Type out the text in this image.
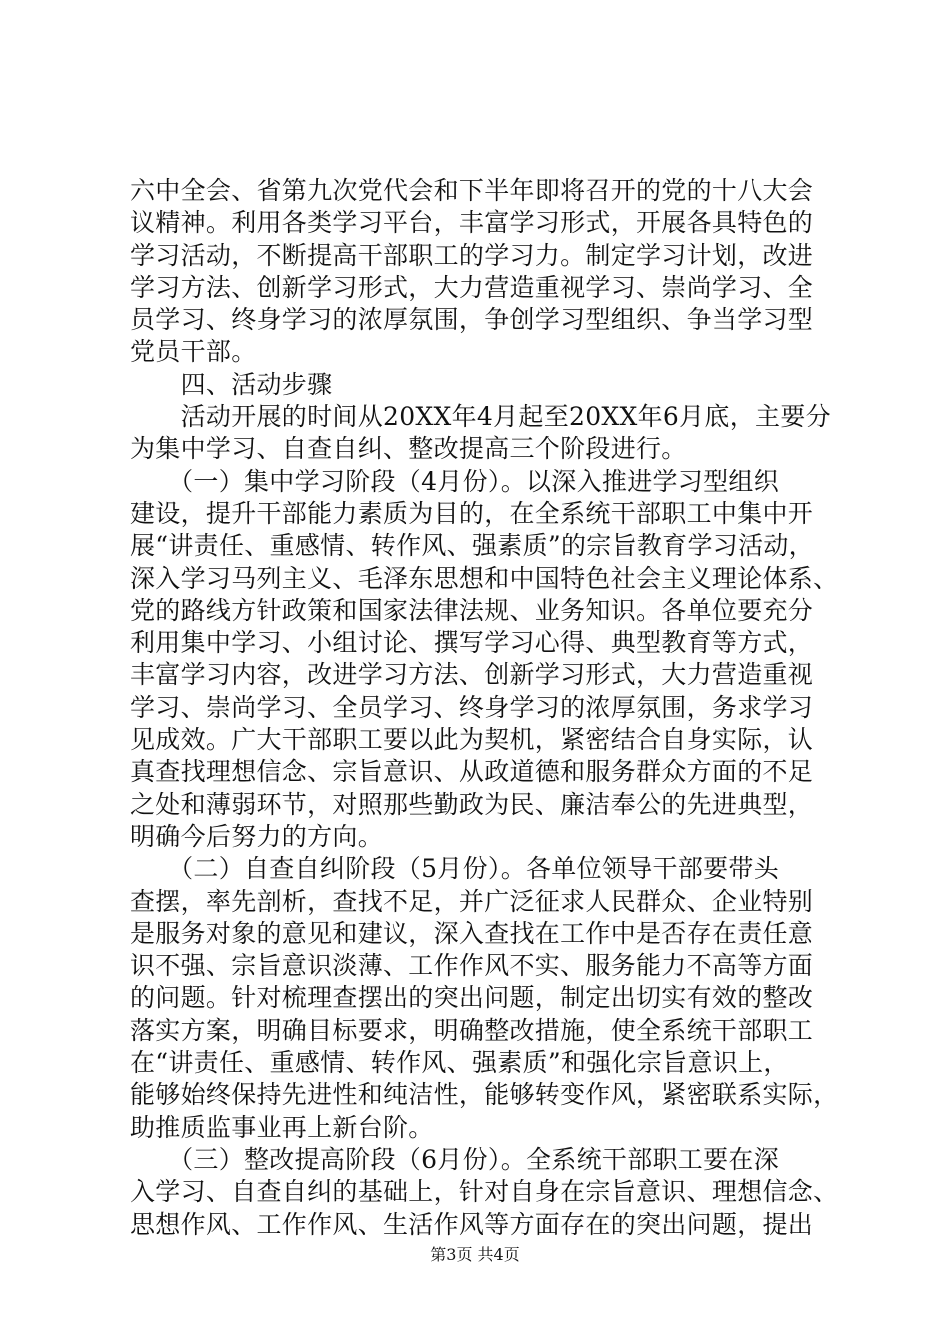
六中全会、省第九次党代会和下半年即将召开的党的十八大会
议精神。利用各类学习平台，丰富学习形式，开展各具特色的
学习活动，不断提高干部职工的学习力。制定学习计划，改进
学习方法、创新学习形式，大力营造重视学习、崇尚学习、全
员学习、终身学习的浓厚氛围，争创学习型组织、争当学习型
党员干部。
　　四、活动步骤
　　活动开展的时间从20XX年4月起至20XX年6月底，主要分
为集中学习、自查自纠、整改提高三个阶段进行。
　　（一）集中学习阶段（4月份）。以深入推进学习型组织
建设，提升干部能力素质为目的，在全系统干部职工中集中开
展“讲责任、重感情、转作风、强素质”的宗旨教育学习活动，
深入学习马列主义、毛泽东思想和中国特色社会主义理论体系、
党的路线方针政策和国家法律法规、业务知识。各单位要充分
利用集中学习、小组讨论、撰写学习心得、典型教育等方式，
丰富学习内容，改进学习方法、创新学习形式，大力营造重视
学习、崇尚学习、全员学习、终身学习的浓厚氛围，务求学习
见成效。广大干部职工要以此为契机，紧密结合自身实际，认
真查找理想信念、宗旨意识、从政道德和服务群众方面的不足
之处和薄弱环节，对照那些勤政为民、廉洁奉公的先进典型，
明确今后努力的方向。
　　（二）自查自纠阶段（5月份）。各单位领导干部要带头
查摆，率先剖析，查找不足，并广泛征求人民群众、企业特别
是服务对象的意见和建议，深入查找在工作中是否存在责任意
识不强、宗旨意识淡薄、工作作风不实、服务能力不高等方面
的问题。针对梳理查摆出的突出问题，制定出切实有效的整改
落实方案，明确目标要求，明确整改措施，使全系统干部职工
在“讲责任、重感情、转作风、强素质”和强化宗旨意识上，
能够始终保持先进性和纯洁性，能够转变作风，紧密联系实际，
助推质监事业再上新台阶。
　　（三）整改提高阶段（6月份）。全系统干部职工要在深
入学习、自查自纠的基础上，针对自身在宗旨意识、理想信念、
思想作风、工作作风、生活作风等方面存在的突出问题，提出
第3页 共4页
